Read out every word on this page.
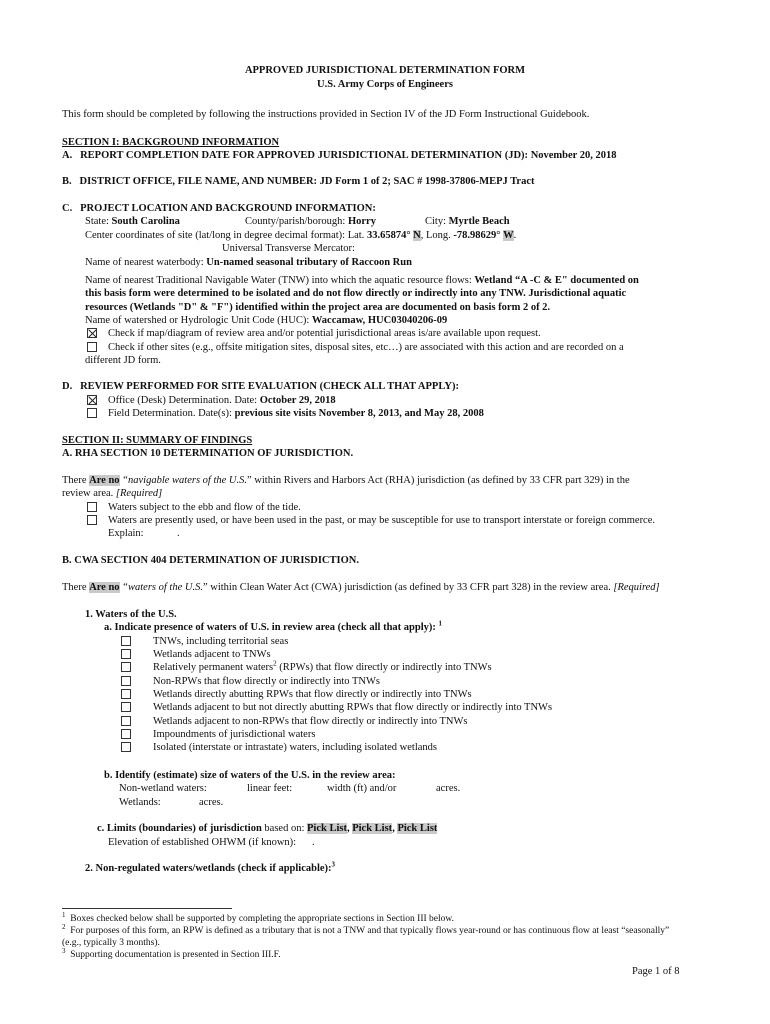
APPROVED JURISDICTIONAL DETERMINATION FORM
U.S. Army Corps of Engineers
This form should be completed by following the instructions provided in Section IV of the JD Form Instructional Guidebook.
SECTION I: BACKGROUND INFORMATION
A. REPORT COMPLETION DATE FOR APPROVED JURISDICTIONAL DETERMINATION (JD): November 20, 2018
B. DISTRICT OFFICE, FILE NAME, AND NUMBER: JD Form 1 of 2; SAC # 1998-37806-MEPJ Tract
C. PROJECT LOCATION AND BACKGROUND INFORMATION:
State: South Carolina	County/parish/borough: Horry	City: Myrtle Beach
Center coordinates of site (lat/long in degree decimal format): Lat. 33.65874° N, Long. -78.98629° W.
Universal Transverse Mercator:
Name of nearest waterbody: Un-named seasonal tributary of Raccoon Run
Name of nearest Traditional Navigable Water (TNW) into which the aquatic resource flows: Wetland “A -C & E" documented on
this basis form were determined to be isolated and do not flow directly or indirectly into any TNW. Jurisdictional aquatic
resources (Wetlands "D" & "F") identified within the project area are documented on basis form 2 of 2.
Name of watershed or Hydrologic Unit Code (HUC): Waccamaw, HUC03040206-09
Check if map/diagram of review area and/or potential jurisdictional areas is/are available upon request.
Check if other sites (e.g., offsite mitigation sites, disposal sites, etc…) are associated with this action and are recorded on a
different JD form.
D. REVIEW PERFORMED FOR SITE EVALUATION (CHECK ALL THAT APPLY):
Office (Desk) Determination. Date: October 29, 2018
Field Determination. Date(s): previous site visits November 8, 2013, and May 28, 2008
SECTION II: SUMMARY OF FINDINGS
A. RHA SECTION 10 DETERMINATION OF JURISDICTION.
There Are no “navigable waters of the U.S.” within Rivers and Harbors Act (RHA) jurisdiction (as defined by 33 CFR part 329) in the
review area. [Required]
Waters subject to the ebb and flow of the tide.
Waters are presently used, or have been used in the past, or may be susceptible for use to transport interstate or foreign commerce.
Explain:	.
B. CWA SECTION 404 DETERMINATION OF JURISDICTION.
There Are no “waters of the U.S.” within Clean Water Act (CWA) jurisdiction (as defined by 33 CFR part 328) in the review area. [Required]
1. Waters of the U.S.
a. Indicate presence of waters of U.S. in review area (check all that apply): $^1$
TNWs, including territorial seas
Wetlands adjacent to TNWs
Relatively permanent waters$^2$ (RPWs) that flow directly or indirectly into TNWs
Non-RPWs that flow directly or indirectly into TNWs
Wetlands directly abutting RPWs that flow directly or indirectly into TNWs
Wetlands adjacent to but not directly abutting RPWs that flow directly or indirectly into TNWs
Wetlands adjacent to non-RPWs that flow directly or indirectly into TNWs
Impoundments of jurisdictional waters
Isolated (interstate or intrastate) waters, including isolated wetlands
b. Identify (estimate) size of waters of the U.S. in the review area:
Non-wetland waters:	linear feet:	width (ft) and/or	acres.
Wetlands:	acres.
c. Limits (boundaries) of jurisdiction based on: Pick List, Pick List, Pick List
Elevation of established OHWM (if known): .
2. Non-regulated waters/wetlands (check if applicable):$^3$
$^1$ Boxes checked below shall be supported by completing the appropriate sections in Section III below.
$^2$ For purposes of this form, an RPW is defined as a tributary that is not a TNW and that typically flows year-round or has continuous flow at least “seasonally”
(e.g., typically 3 months).
$^3$ Supporting documentation is presented in Section III.F.
Page 1 of 8
